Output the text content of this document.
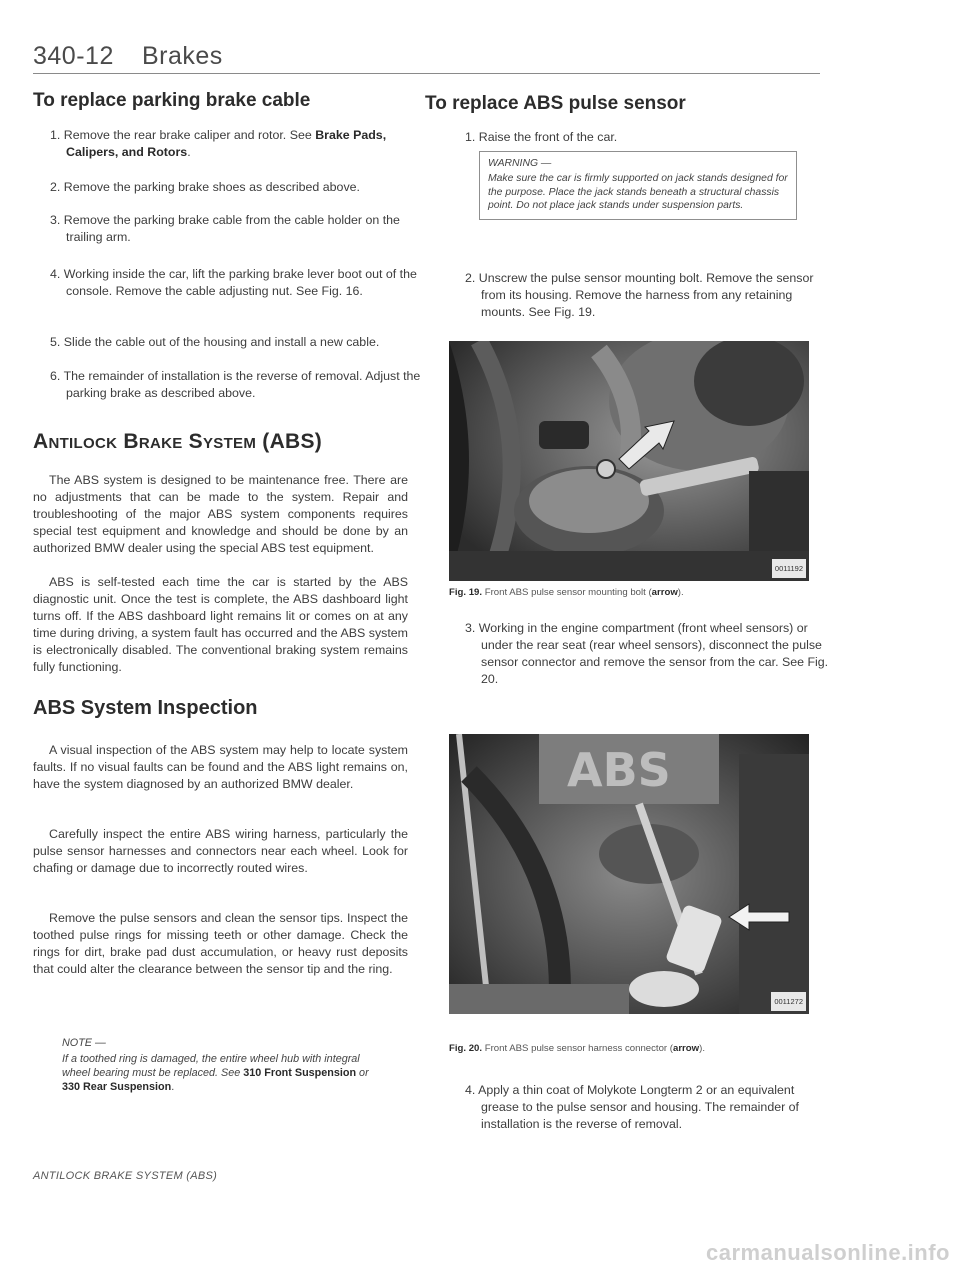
340-12 Brakes
To replace parking brake cable
1. Remove the rear brake caliper and rotor. See Brake Pads, Calipers, and Rotors.
2. Remove the parking brake shoes as described above.
3. Remove the parking brake cable from the cable holder on the trailing arm.
4. Working inside the car, lift the parking brake lever boot out of the console. Remove the cable adjusting nut. See Fig. 16.
5. Slide the cable out of the housing and install a new cable.
6. The remainder of installation is the reverse of removal. Adjust the parking brake as described above.
Antilock Brake System (ABS)
The ABS system is designed to be maintenance free. There are no adjustments that can be made to the system. Repair and troubleshooting of the major ABS system components requires special test equipment and knowledge and should be done by an authorized BMW dealer using the special ABS test equipment.
ABS is self-tested each time the car is started by the ABS diagnostic unit. Once the test is complete, the ABS dashboard light turns off. If the ABS dashboard light remains lit or comes on at any time during driving, a system fault has occurred and the ABS system is electronically disabled. The conventional braking system remains fully functioning.
ABS System Inspection
A visual inspection of the ABS system may help to locate system faults. If no visual faults can be found and the ABS light remains on, have the system diagnosed by an authorized BMW dealer.
Carefully inspect the entire ABS wiring harness, particularly the pulse sensor harnesses and connectors near each wheel. Look for chafing or damage due to incorrectly routed wires.
Remove the pulse sensors and clean the sensor tips. Inspect the toothed pulse rings for missing teeth or other damage. Check the rings for dirt, brake pad dust accumulation, or heavy rust deposits that could alter the clearance between the sensor tip and the ring.
NOTE —
If a toothed ring is damaged, the entire wheel hub with integral wheel bearing must be replaced. See 310 Front Suspension or 330 Rear Suspension.
To replace ABS pulse sensor
1. Raise the front of the car.
WARNING —
Make sure the car is firmly supported on jack stands designed for the purpose. Place the jack stands beneath a structural chassis point. Do not place jack stands under suspension parts.
2. Unscrew the pulse sensor mounting bolt. Remove the sensor from its housing. Remove the harness from any retaining mounts. See Fig. 19.
0011192
Fig. 19. Front ABS pulse sensor mounting bolt (arrow).
3. Working in the engine compartment (front wheel sensors) or under the rear seat (rear wheel sensors), disconnect the pulse sensor connector and remove the sensor from the car. See Fig. 20.
ABS
0011272
Fig. 20. Front ABS pulse sensor harness connector (arrow).
4. Apply a thin coat of Molykote Longterm 2 or an equivalent grease to the pulse sensor and housing. The remainder of installation is the reverse of removal.
ANTILOCK BRAKE SYSTEM (ABS)
carmanualsonline.info
